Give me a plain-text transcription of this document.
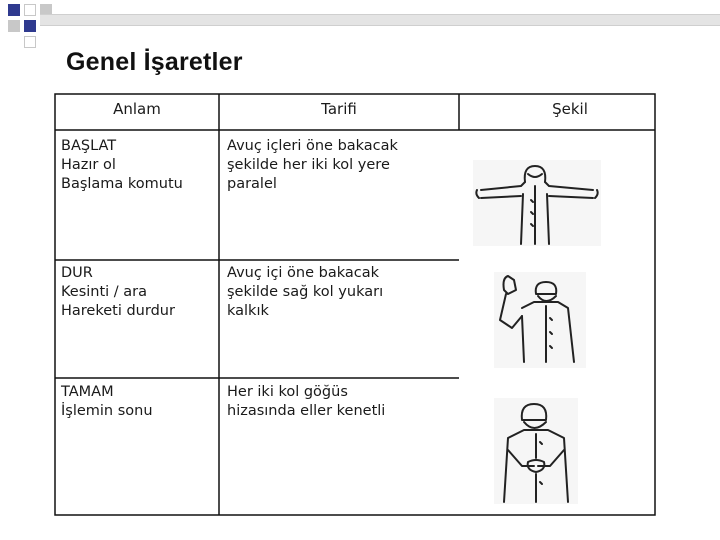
Genel İşaretler
Anlam	Tarifi	Şekil
BAŞLAT
Hazır ol
Başlama komutu
Avuç içleri öne bakacak
şekilde her iki kol yere
paralel
DUR
Kesinti / ara
Hareketi durdur
Avuç içi öne bakacak
şekilde sağ kol yukarı
kalkık
TAMAM
İşlemin sonu
Her iki kol göğüs
hizasında eller kenetli
